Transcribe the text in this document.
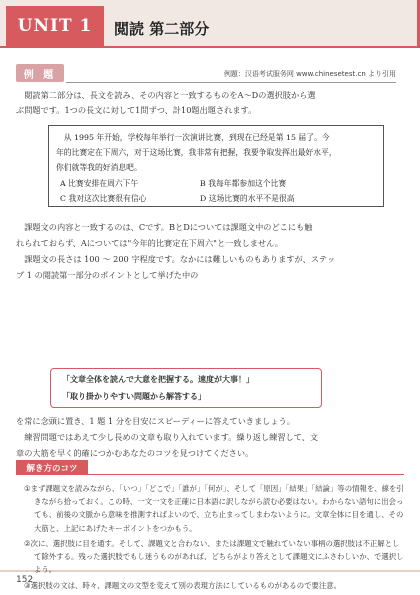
UNIT 1	閲読 第二部分
例 題	例題：汉语考试服务网 www.chinesetest.cn より引用
閲読第二部分は、長文を読み、その内容と一致するものをA～Dの選択肢から選
ぶ問題です。1つの長文に対して1問ずつ、計10題出題されます。
从 1995 年开始，学校每年举行一次演讲比赛，到现在已经是第 15 届了。今
年的比赛定在下周六，对于这场比赛，我非常有把握，我要争取发挥出最好水平，
你们就等我的好消息吧。
A 比赛安排在周六下午	B 我每年都参加这个比赛
C 我对这次比赛很有信心	D 这场比赛的水平不是很高
課題文の内容と一致するのは、Cです。BとDについては課題文中のどこにも触
れられておらず、Aについては"今年的比赛定在下周六"と一致しません。
課題文の長さは 100 ～ 200 字程度です。なかには難しいものもありますが、ステッ
プ 1 の閲読第一部分のポイントとして挙げた中の
「文章全体を読んで大意を把握する。速度が大事！」
「取り掛かりやすい問題から解答する」
を常に念頭に置き、1 題 1 分を目安にスピーディーに答えていきましょう。
練習問題ではあえて少し長めの文章も取り入れています。繰り返し練習して、文
章の大筋を早く的確につかむあなたのコツを見つけてください。
解き方のコツ
①まず課題文を読みながら、「いつ」「どこで」「誰が」「何が」、そして「原因」「結果」「結論」等の情報を、線を引きながら拾っておく。この時、一文一文を正確に日本語に訳しながら読む必要はない。わからない語句に出会っても、前後の文脈から意味を推測すればよいので、立ち止まってしまわないように。文章全体に目を通し、その大筋と、上記にあげたキーポイントをつかもう。
152
②次に、選択肢に目を通す。そして、課題文と合わない、または課題文で触れていない事柄の選択肢は不正解として除外する。残った選択肢でもし迷うものがあれば、どちらがより答えとして課題文にふさわしいか、で選択しよう。
③選択肢の文は、時々、課題文の文型を変えて別の表現方法にしているものがあるので要注意。
